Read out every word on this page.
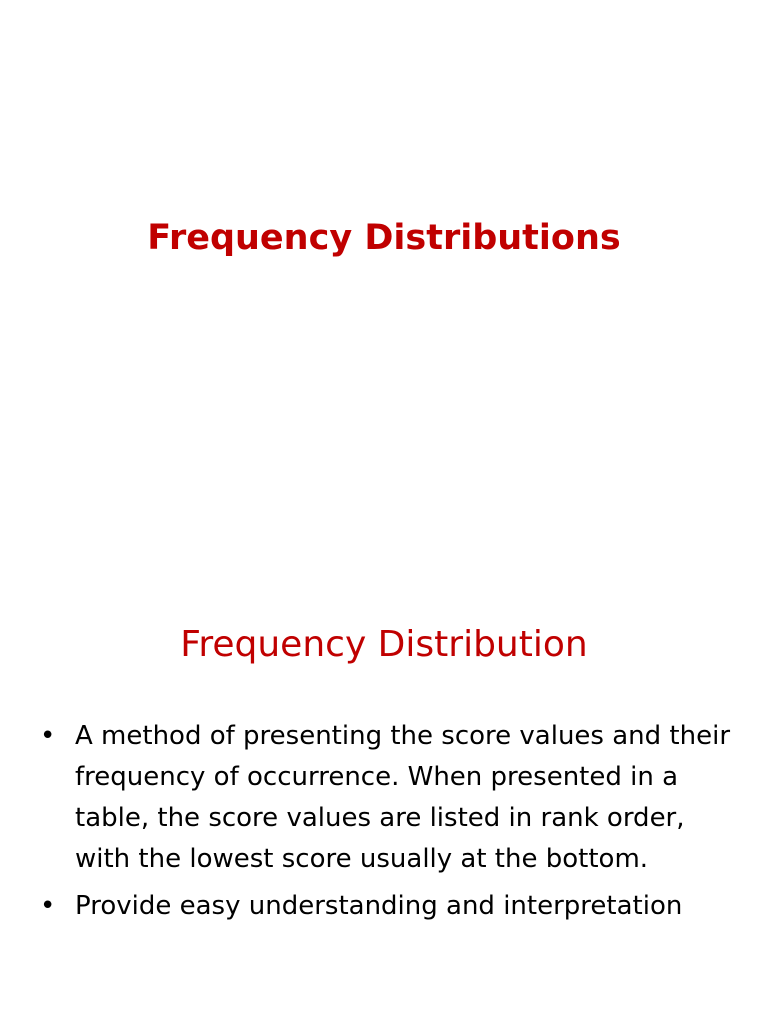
Frequency Distributions
Frequency Distribution
• A method of presenting the score values and their frequency of occurrence. When presented in a table, the score values are listed in rank order, with the lowest score usually at the bottom.
• Provide easy understanding and interpretation
